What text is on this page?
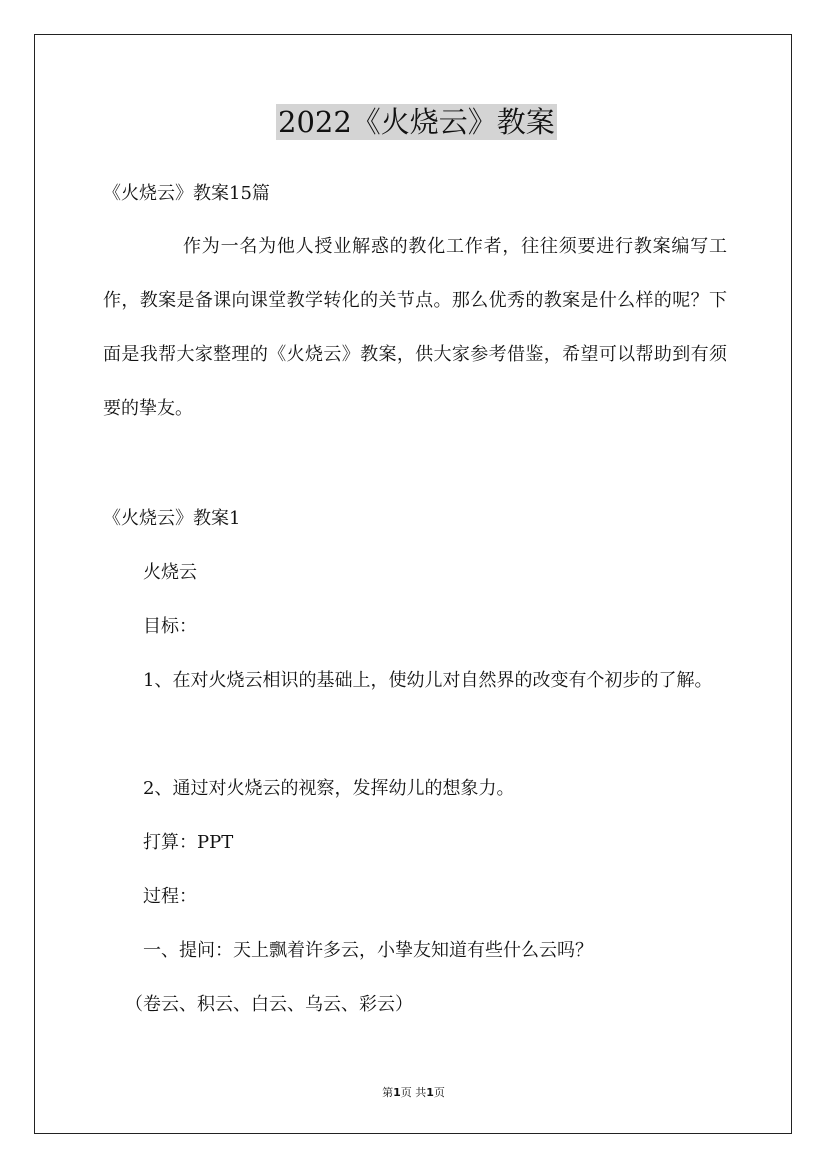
2022《火烧云》教案
《火烧云》教案15篇
作为一名为他人授业解惑的教化工作者，往往须要进行教案编写工作，教案是备课向课堂教学转化的关节点。那么优秀的教案是什么样的呢？下面是我帮大家整理的《火烧云》教案，供大家参考借鉴，希望可以帮助到有须要的挚友。
《火烧云》教案1
火烧云
目标：
1、在对火烧云相识的基础上，使幼儿对自然界的改变有个初步的了解。
2、通过对火烧云的视察，发挥幼儿的想象力。
打算：PPT
过程：
一、提问：天上飘着许多云，小挚友知道有些什么云吗？
（卷云、积云、白云、乌云、彩云）
第1页 共1页
